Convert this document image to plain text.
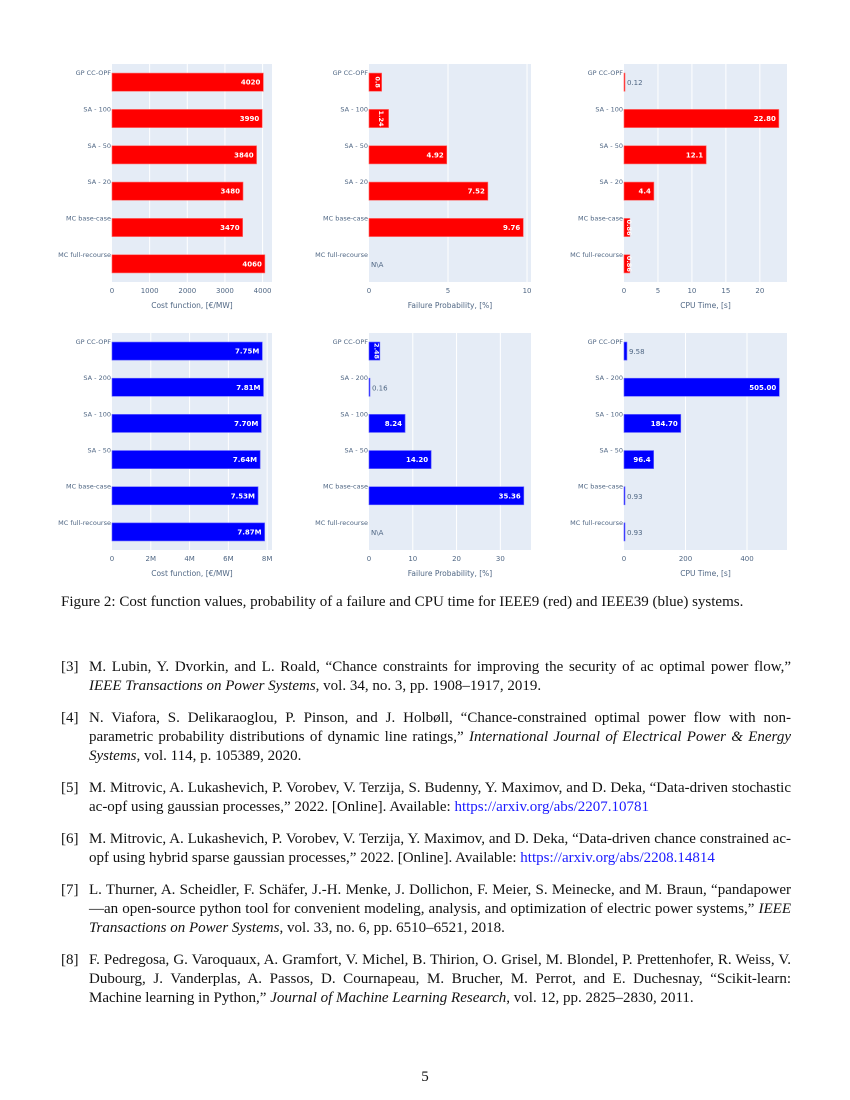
0	1000	2000	3000	4000
Cost function, [€/MW]
GP CC-OPF
4020
SA - 100
3990
SA - 50
3840
SA - 20
3480
MC base-case
3470
MC full-recourse
4060
0	5	10
Failure Probability, [%]
GP CC-OPF
0.8
SA - 100
1.24
SA - 50
4.92
SA - 20
7.52
MC base-case
9.76
MC full-recourse
N\A
0	5	10	15	20
CPU Time, [s]
GP CC-OPF
0.12
SA - 100
22.80
SA - 50
12.1
SA - 20
4.4
MC base-case
0.86
MC full-recourse
0.86
0	2M	4M	6M	8M
Cost function, [€/MW]
GP CC-OPF
7.75M
SA - 200
7.81M
SA - 100
7.70M
SA - 50
7.64M
MC base-case
7.53M
MC full-recourse
7.87M
0	10	20	30
Failure Probability, [%]
GP CC-OPF
2.48
SA - 200
0.16
SA - 100
8.24
SA - 50
14.20
MC base-case
35.36
MC full-recourse
N\A
0	200	400
CPU Time, [s]
GP CC-OPF
9.58
SA - 200
505.00
SA - 100
184.70
SA - 50
96.4
MC base-case
0.93
MC full-recourse
0.93
Figure 2: Cost function values, probability of a failure and CPU time for IEEE9 (red) and IEEE39 (blue) systems.
[3] M. Lubin, Y. Dvorkin, and L. Roald, “Chance constraints for improving the security of ac optimal power flow,” IEEE Transactions on Power Systems, vol. 34, no. 3, pp. 1908–1917, 2019.
[4] N. Viafora, S. Delikaraoglou, P. Pinson, and J. Holbøll, “Chance-constrained optimal power flow with non-parametric probability distributions of dynamic line ratings,” International Journal of Electrical Power & Energy Systems, vol. 114, p. 105389, 2020.
[5] M. Mitrovic, A. Lukashevich, P. Vorobev, V. Terzija, S. Budenny, Y. Maximov, and D. Deka, “Data-driven stochastic ac-opf using gaussian processes,” 2022. [Online]. Available: https://arxiv.org/abs/2207.10781
[6] M. Mitrovic, A. Lukashevich, P. Vorobev, V. Terzija, Y. Maximov, and D. Deka, “Data-driven chance constrained ac-opf using hybrid sparse gaussian processes,” 2022. [Online]. Available: https://arxiv.org/abs/2208.14814
[7] L. Thurner, A. Scheidler, F. Schäfer, J.-H. Menke, J. Dollichon, F. Meier, S. Meinecke, and M. Braun, “pandapower—an open-source python tool for convenient modeling, analysis, and optimization of electric power systems,” IEEE Transactions on Power Systems, vol. 33, no. 6, pp. 6510–6521, 2018.
[8] F. Pedregosa, G. Varoquaux, A. Gramfort, V. Michel, B. Thirion, O. Grisel, M. Blondel, P. Prettenhofer, R. Weiss, V. Dubourg, J. Vanderplas, A. Passos, D. Cournapeau, M. Brucher, M. Perrot, and E. Duchesnay, “Scikit-learn: Machine learning in Python,” Journal of Machine Learning Research, vol. 12, pp. 2825–2830, 2011.
5
